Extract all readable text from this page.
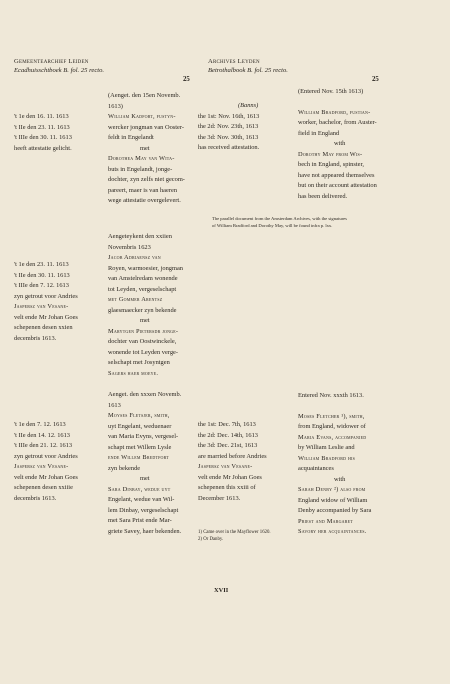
Gemeentearchief Leiden
Ecadhuisschtboek B. fol. 25 recto.
Archives Leyden
Betrothalbook B. fol. 25 recto.
25	25
't 1e den 16. 11. 1613
't IIe den 23. 11. 1613
't IIIe den 30. 11. 1613
heeft attestatie gelicht.
(Aenget. den 15en Novemb.
1613)
William Kadfort, fustyn-
wercker jongman van Ooster-
feldt in Engelandt
met
Dorothea May van Wita-
buts in Engelandt, jonge-
dochter, zyn zelfs niet gecom-
pareert, maer is van haeren
wege attestatie overgelevert.
(Banns)
the 1st: Nov. 16th, 1613
the 2d: Nov. 23th, 1613
the 3d: Nov. 30th, 1613
has received attestation.
(Entered Nov. 15th 1613)
William Bradford, fustian-
worker, bachelor, from Auster-
field in England
with
Dorothy May from Wis-
bech in England, spinster,
have not appeared themselves
but on their account attestation
has been delivered.
The parallel document from the Amsterdam Archives, with the signatures
of William Bradford and Dorothy May, will be found infra p. lxx.
't 1e den 23. 11. 1613
't IIe den 30. 11. 1613
't IIIe den 7. 12. 1613
zyn getrout voor Andries
Jaspersz van Vesane-
velt ende Mr Johan Goes
schepenen desen xxien
decembris 1613.
Aengeteykent den xxiien
Novembris 1623
Jacob Adriaensz van
Royen, warmoesier, jongman
van Amstelredam wonende
tot Leyden, vergeselschapt
met Gommer Arentsz
glaesmaecker zyn bekende
met
Marytgen Pietersdr jonge-
dochter van Oostwinckele,
wonende tot Leyden verge-
selschapt met Josyntgen
Sagers haer moeye.
't 1e den 7. 12. 1613
't IIe den 14. 12. 1613
't IIIe den 21. 12. 1613
zyn getrout voor Andries
Jaspersz van Vesane-
velt ende Mr Johan Goes
schepenen desen xxiiie
decembris 1613.
Aenget. den xxxen Novemb.
1613
Moyses Fletsjer, smith,
uyt Engelant, weduenaer
van Maria Evyns, vergesel-
schapt met Willem Lysle
ende Willem Bredtfort
zyn bekende
met
Sara Dinbay, wedue uyt
Engelant, wedue van Wil-
lem Dinbay, vergeselschapt
met Sara Prist ende Mar-
griete Savey, haer bekenden.
the 1st: Dec. 7th, 1613
the 2d: Dec. 14th, 1613
the 3d: Dec. 21st, 1613
are married before Andries
Jaspersz van Vesane-
velt ende Mr Johan Goes
schepenen this xxiii of
December 1613.
Entered Nov. xxxth 1613.
Moses Fletcher ¹), smith,
from England, widower of
Maria Evans, accompanied
by William Leslie and
William Bradford his
acquaintances
with
Sarah Denby ²) also from
England widow of William
Denby accompanied by Sara
Priest and Margaret
Savory her acquaintances.
1) Came over in the Mayflower 1620.
2) Or Danby.
XVII
